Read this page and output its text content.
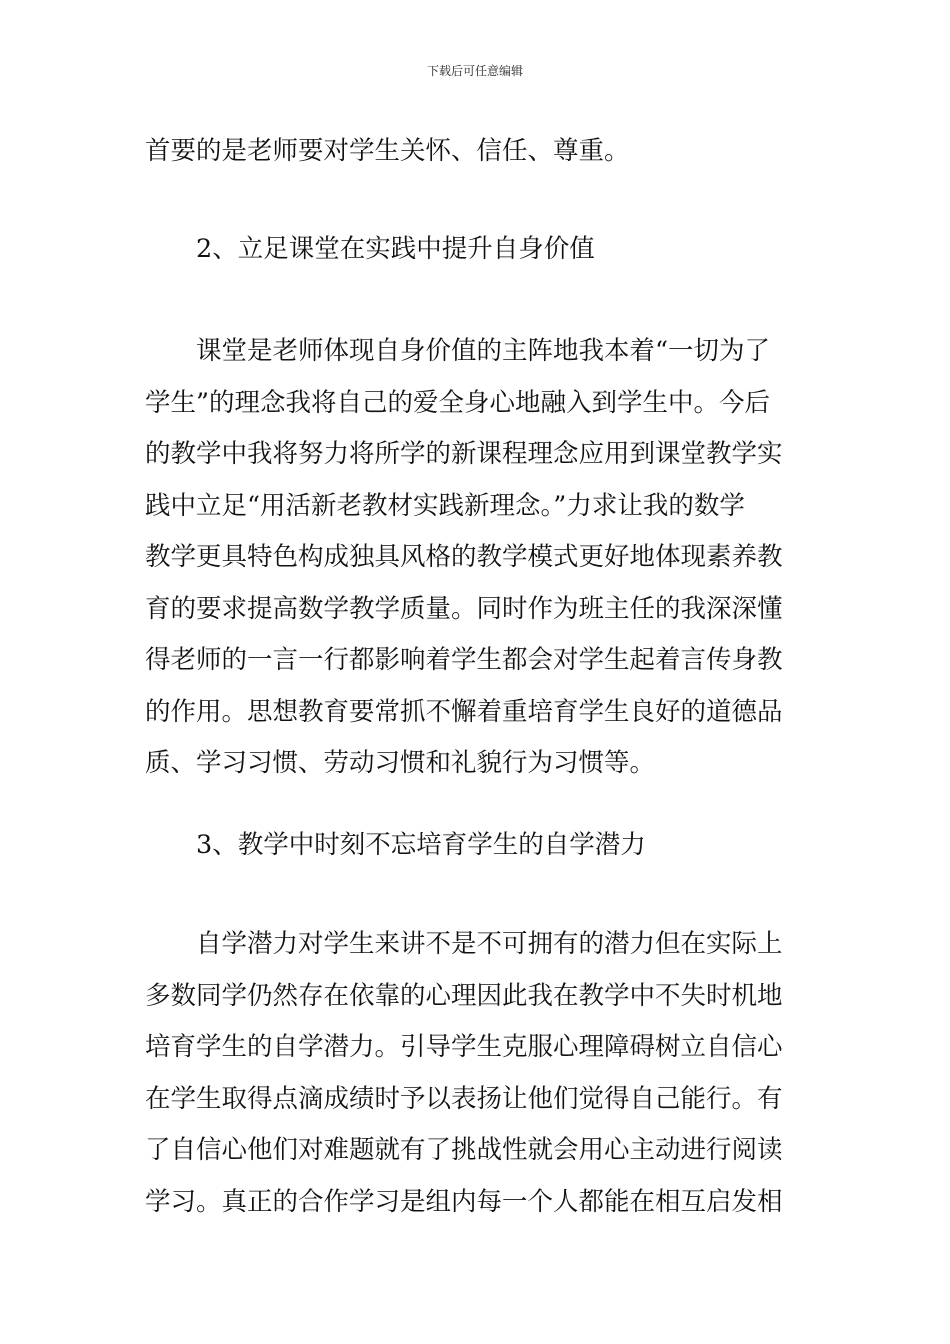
下载后可任意编辑
首要的是老师要对学生关怀、信任、尊重。
2、立足课堂在实践中提升自身价值
　　课堂是老师体现自身价值的主阵地我本着“一切为了
学生”的理念我将自己的爱全身心地融入到学生中。今后
的教学中我将努力将所学的新课程理念应用到课堂教学实
践中立足“用活新老教材实践新理念。”力求让我的数学
教学更具特色构成独具风格的教学模式更好地体现素养教
育的要求提高数学教学质量。同时作为班主任的我深深懂
得老师的一言一行都影响着学生都会对学生起着言传身教
的作用。思想教育要常抓不懈着重培育学生良好的道德品
质、学习习惯、劳动习惯和礼貌行为习惯等。
3、教学中时刻不忘培育学生的自学潜力
　　自学潜力对学生来讲不是不可拥有的潜力但在实际上
多数同学仍然存在依靠的心理因此我在教学中不失时机地
培育学生的自学潜力。引导学生克服心理障碍树立自信心
在学生取得点滴成绩时予以表扬让他们觉得自己能行。有
了自信心他们对难题就有了挑战性就会用心主动进行阅读
学习。真正的合作学习是组内每一个人都能在相互启发相
